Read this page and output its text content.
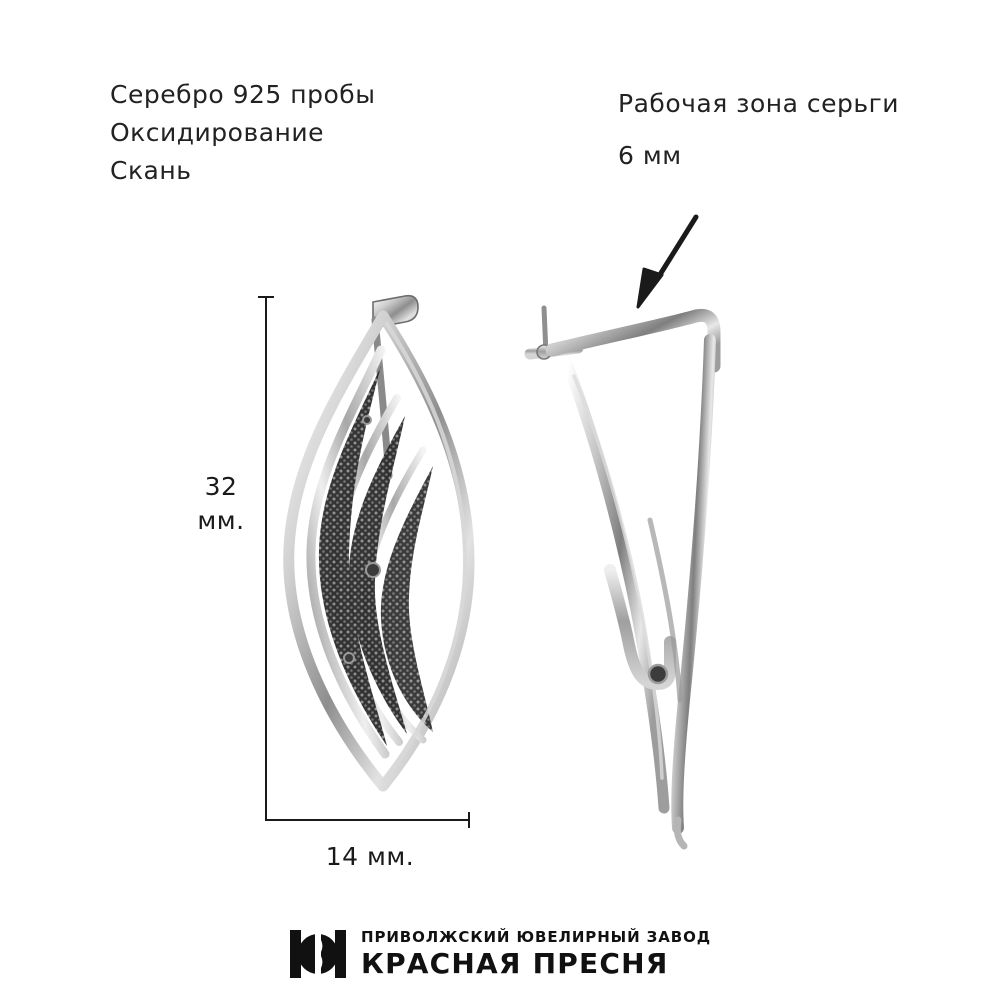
Серебро 925 пробы
Оксидирование
Скань
Рабочая зона серьги
6 мм
32
мм.
14 мм.
ПРИВОЛЖСКИЙ ЮВЕЛИРНЫЙ ЗАВОД
КРАСНАЯ ПРЕСНЯ
